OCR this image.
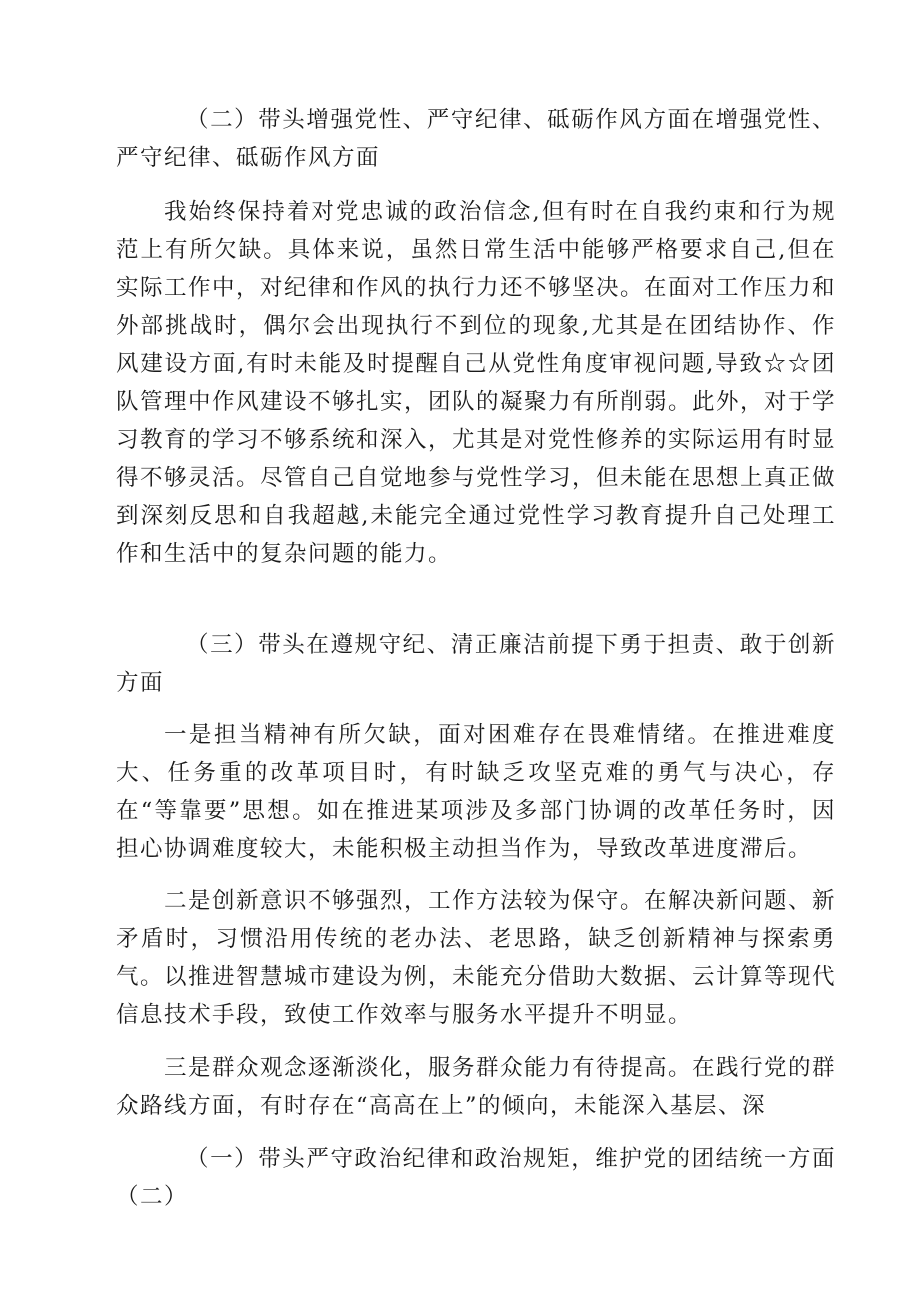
（二）带头增强党性、严守纪律、砥砺作风方面在增强党性、严守纪律、砥砺作风方面
我始终保持着对党忠诚的政治信念,但有时在自我约束和行为规范上有所欠缺。具体来说，虽然日常生活中能够严格要求自己,但在实际工作中，对纪律和作风的执行力还不够坚决。在面对工作压力和外部挑战时，偶尔会出现执行不到位的现象,尤其是在团结协作、作风建设方面,有时未能及时提醒自己从党性角度审视问题,导致☆☆团队管理中作风建设不够扎实，团队的凝聚力有所削弱。此外，对于学习教育的学习不够系统和深入，尤其是对党性修养的实际运用有时显得不够灵活。尽管自己自觉地参与党性学习，但未能在思想上真正做到深刻反思和自我超越,未能完全通过党性学习教育提升自己处理工作和生活中的复杂问题的能力。
（三）带头在遵规守纪、清正廉洁前提下勇于担责、敢于创新方面
一是担当精神有所欠缺，面对困难存在畏难情绪。在推进难度大、任务重的改革项目时，有时缺乏攻坚克难的勇气与决心，存在“等靠要”思想。如在推进某项涉及多部门协调的改革任务时，因担心协调难度较大，未能积极主动担当作为，导致改革进度滞后。
二是创新意识不够强烈，工作方法较为保守。在解决新问题、新矛盾时，习惯沿用传统的老办法、老思路，缺乏创新精神与探索勇气。以推进智慧城市建设为例，未能充分借助大数据、云计算等现代信息技术手段，致使工作效率与服务水平提升不明显。
三是群众观念逐渐淡化，服务群众能力有待提高。在践行党的群众路线方面，有时存在“高高在上”的倾向，未能深入基层、深
（一）带头严守政治纪律和政治规矩，维护党的团结统一方面（二）
